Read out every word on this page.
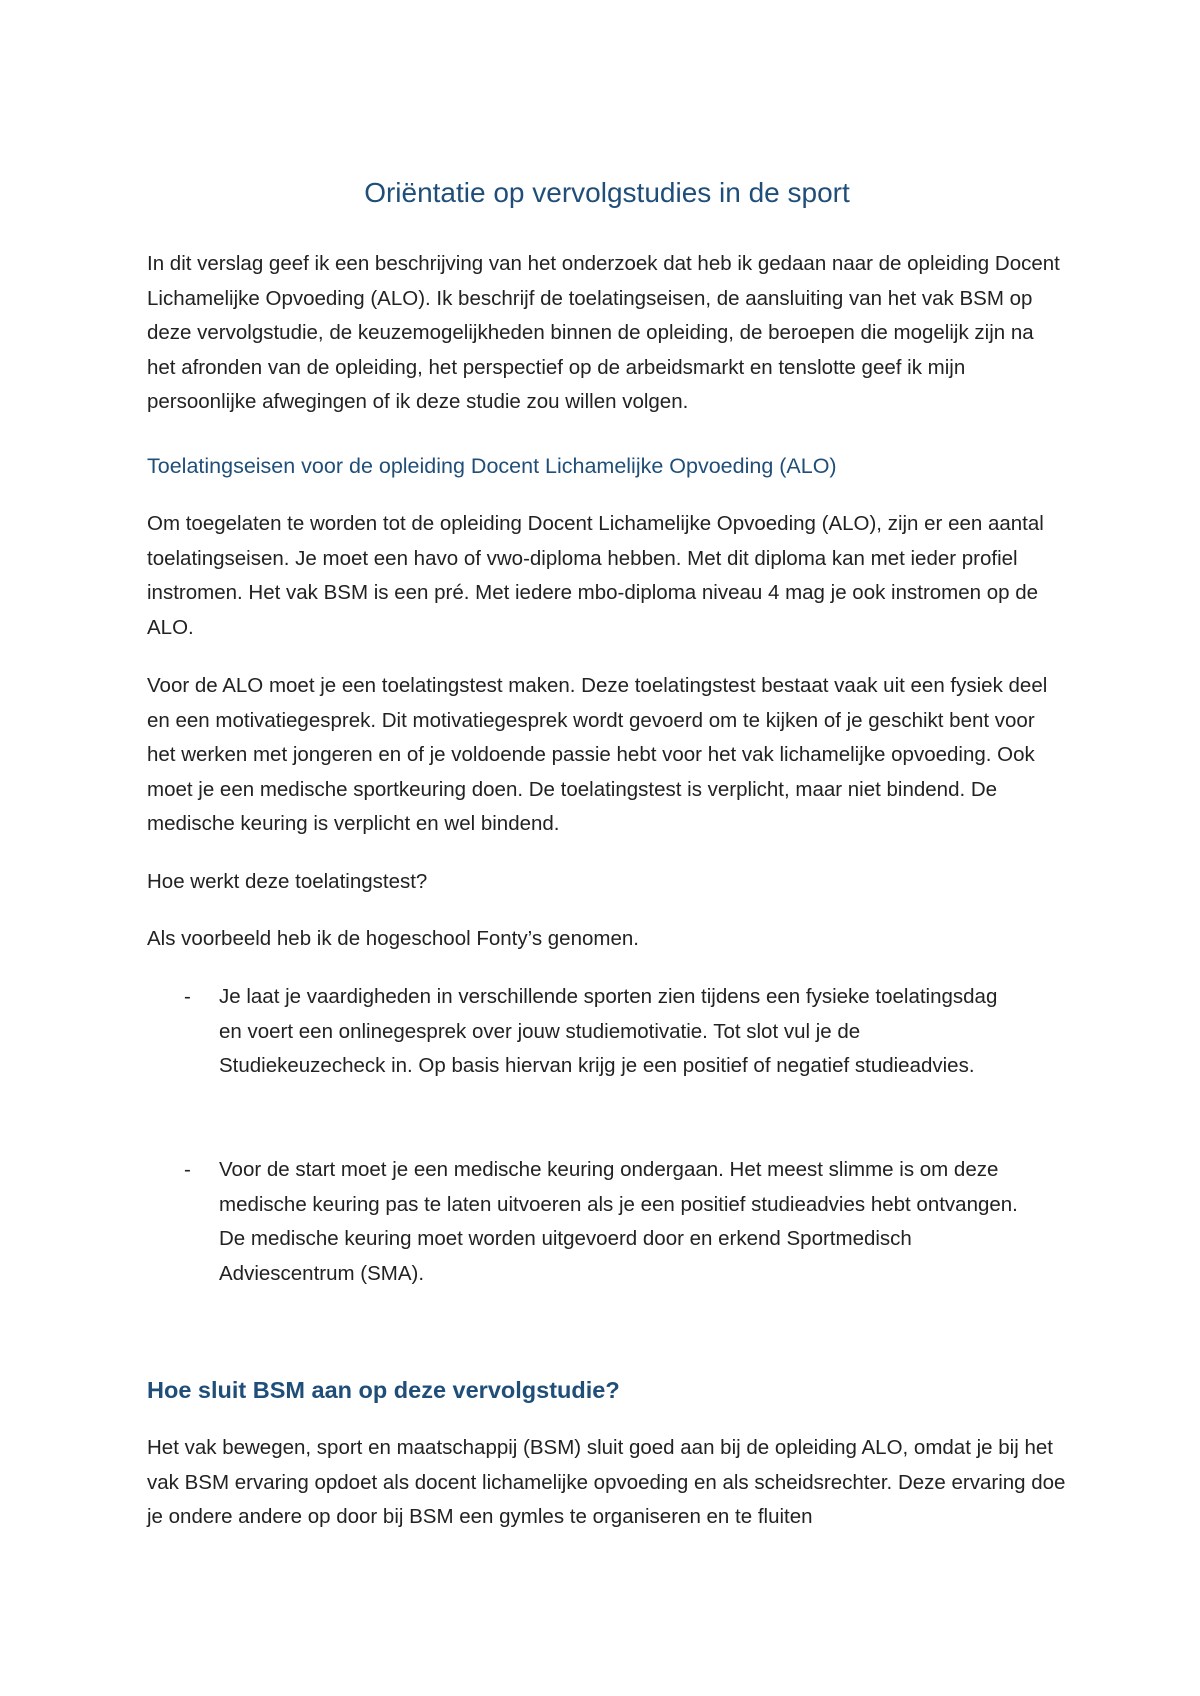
Oriëntatie op vervolgstudies in de sport

In dit verslag geef ik een beschrijving van het onderzoek dat heb ik gedaan naar de opleiding Docent Lichamelijke Opvoeding (ALO). Ik beschrijf de toelatingseisen, de aansluiting van het vak BSM op deze vervolgstudie, de keuzemogelijkheden binnen de opleiding, de beroepen die mogelijk zijn na het afronden van de opleiding, het perspectief op de arbeidsmarkt en tenslotte geef ik mijn persoonlijke afwegingen of ik deze studie zou willen volgen.

Toelatingseisen voor de opleiding Docent Lichamelijke Opvoeding (ALO)

Om toegelaten te worden tot de opleiding Docent Lichamelijke Opvoeding (ALO), zijn er een aantal toelatingseisen. Je moet een havo of vwo-diploma hebben. Met dit diploma kan met ieder profiel instromen. Het vak BSM is een pré. Met iedere mbo-diploma niveau 4 mag je ook instromen op de ALO.

Voor de ALO moet je een toelatingstest maken. Deze toelatingstest bestaat vaak uit een fysiek deel en een motivatiegesprek. Dit motivatiegesprek wordt gevoerd om te kijken of je geschikt bent voor het werken met jongeren en of je voldoende passie hebt voor het vak lichamelijke opvoeding. Ook moet je een medische sportkeuring doen. De toelatingstest is verplicht, maar niet bindend. De medische keuring is verplicht en wel bindend.

Hoe werkt deze toelatingstest?

Als voorbeeld heb ik de hogeschool Fonty’s genomen.

- Je laat je vaardigheden in verschillende sporten zien tijdens een fysieke toelatingsdag en voert een onlinegesprek over jouw studiemotivatie. Tot slot vul je de Studiekeuzecheck in. Op basis hiervan krijg je een positief of negatief studieadvies.
- Voor de start moet je een medische keuring ondergaan. Het meest slimme is om deze medische keuring pas te laten uitvoeren als je een positief studieadvies hebt ontvangen. De medische keuring moet worden uitgevoerd door en erkend Sportmedisch Adviescentrum (SMA).
Hoe sluit BSM aan op deze vervolgstudie?

Het vak bewegen, sport en maatschappij (BSM) sluit goed aan bij de opleiding ALO, omdat je bij het vak BSM ervaring opdoet als docent lichamelijke opvoeding en als scheidsrechter. Deze ervaring doe je ondere andere op door bij BSM een gymles te organiseren en te fluiten
